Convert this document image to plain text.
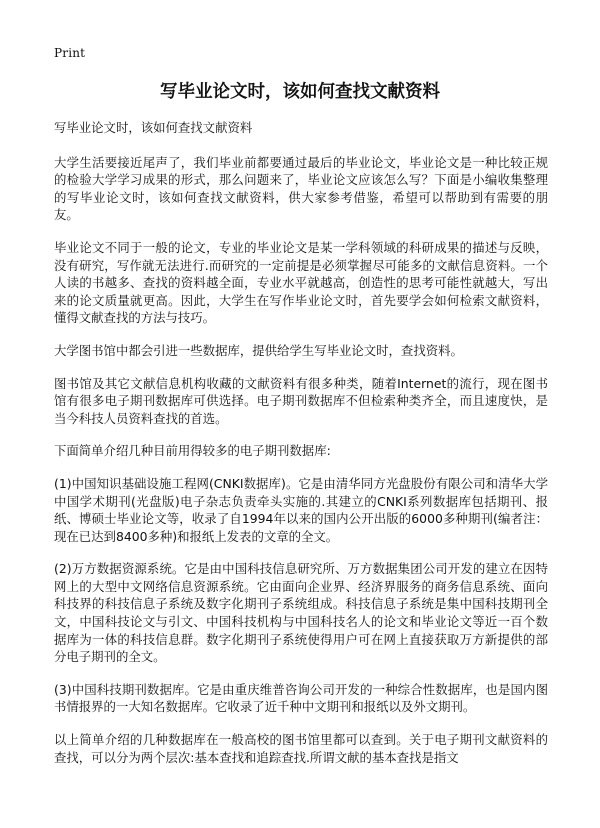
Print
写毕业论文时，该如何查找文献资料

写毕业论文时，该如何查找文献资料

大学生活要接近尾声了，我们毕业前都要通过最后的毕业论文，毕业论文是一种比较正规的检验大学学习成果的形式，那么问题来了，毕业论文应该怎么写？下面是小编收集整理的写毕业论文时，该如何查找文献资料，供大家参考借鉴，希望可以帮助到有需要的朋友。

毕业论文不同于一般的论文，专业的毕业论文是某一学科领域的科研成果的描述与反映，没有研究，写作就无法进行.而研究的一定前提是必须掌握尽可能多的文献信息资料。一个人读的书越多、查找的资料越全面，专业水平就越高，创造性的思考可能性就越大，写出来的论文质量就更高。因此，大学生在写作毕业论文时，首先要学会如何检索文献资料，懂得文献查找的方法与技巧。

大学图书馆中都会引进一些数据库，提供给学生写毕业论文时，查找资料。

图书馆及其它文献信息机构收藏的文献资料有很多种类，随着Internet的流行，现在图书馆有很多电子期刊数据库可供选择。电子期刊数据库不但检索种类齐全，而且速度快，是当今科技人员资料查找的首选。

下面简单介绍几种目前用得较多的电子期刊数据库:

(1)中国知识基础设施工程网(CNKI数据库)。它是由清华同方光盘股份有限公司和清华大学中国学术期刊(光盘版)电子杂志负责牵头实施的.其建立的CNKI系列数据库包括期刊、报纸、博硕士毕业论文等，收录了自1994年以来的国内公开出版的6000多种期刊(编者注：现在已达到8400多种)和报纸上发表的文章的全文。

(2)万方数据资源系统。它是由中国科技信息研究所、万方数据集团公司开发的建立在因特网上的大型中文网络信息资源系统。它由面向企业界、经济界服务的商务信息系统、面向科技界的科技信息子系统及数字化期刊子系统组成。科技信息子系统是集中国科技期刊全文，中国科技论文与引文、中国科技机构与中国科技名人的论文和毕业论文等近一百个数据库为一体的科技信息群。数字化期刊子系统使得用户可在网上直接获取万方新提供的部分电子期刊的全文。

(3)中国科技期刊数据库。它是由重庆维普咨询公司开发的一种综合性数据库，也是国内图书情报界的一大知名数据库。它收录了近千种中文期刊和报纸以及外文期刊。

以上简单介绍的几种数据库在一般高校的图书馆里都可以查到。关于电子期刊文献资料的查找，可以分为两个层次:基本查找和追踪查找.所谓文献的基本查找是指文
